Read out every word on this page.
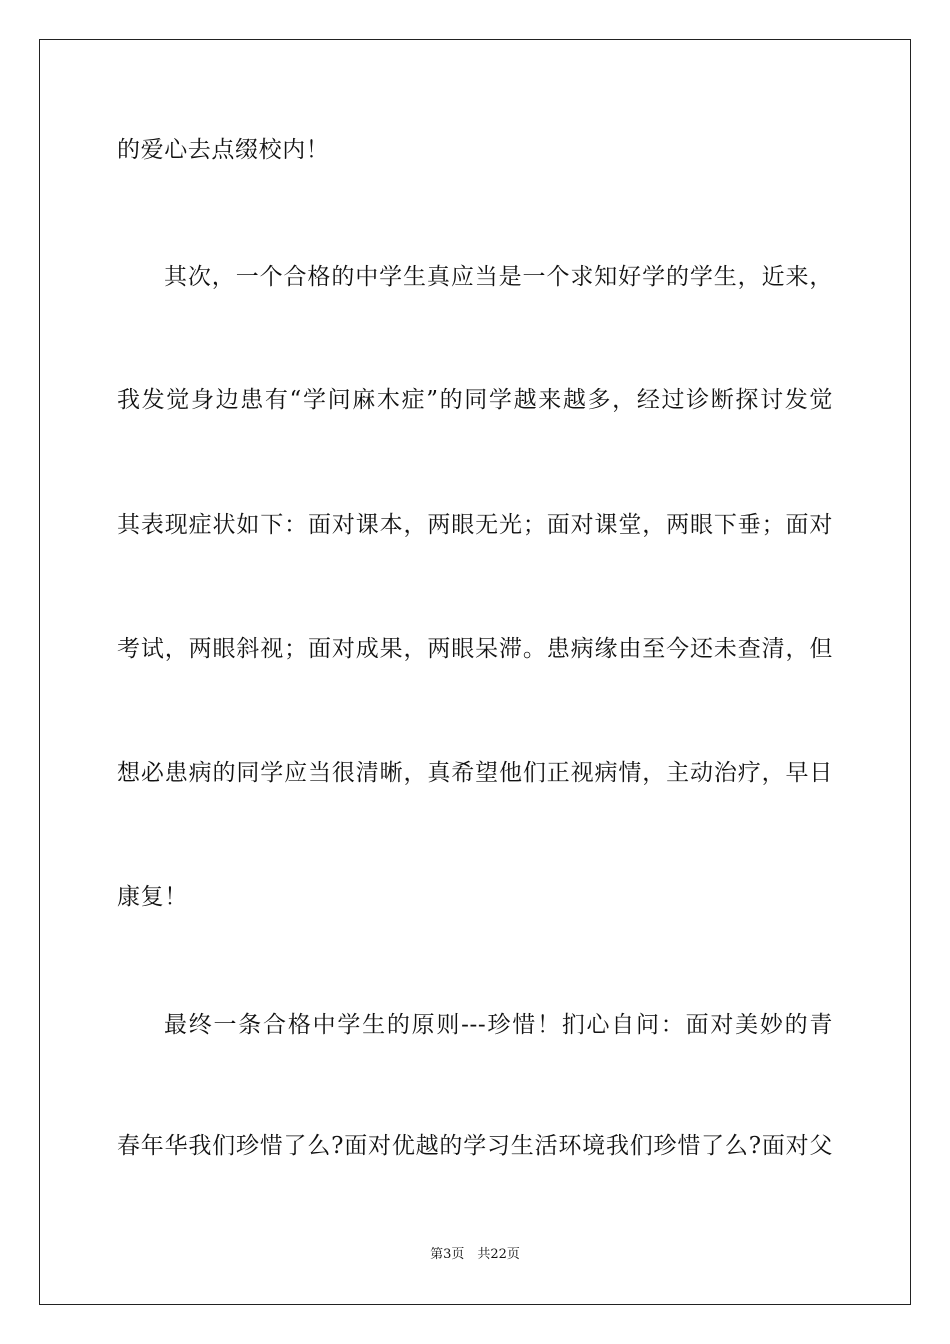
的爱心去点缀校内！
其次，一个合格的中学生真应当是一个求知好学的学生，近来，
我发觉身边患有“学问麻木症”的同学越来越多，经过诊断探讨发觉
其表现症状如下：面对课本，两眼无光；面对课堂，两眼下垂；面对
考试，两眼斜视；面对成果，两眼呆滞。患病缘由至今还未查清，但
想必患病的同学应当很清晰，真希望他们正视病情，主动治疗，早日
康复！
最终一条合格中学生的原则---珍惜！扪心自问：面对美妙的青
春年华我们珍惜了么?面对优越的学习生活环境我们珍惜了么?面对父
第3页　共22页
